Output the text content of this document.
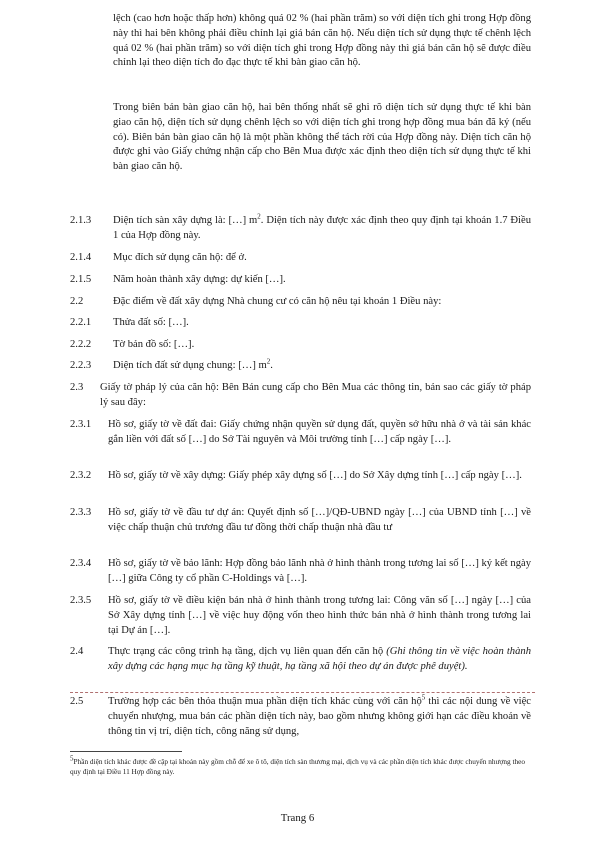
lệch (cao hơn hoặc thấp hơn) không quá 02 % (hai phần trăm) so với diện tích ghi trong Hợp đồng này thì hai bên không phải điều chỉnh lại giá bán căn hộ. Nếu diện tích sử dụng thực tế chênh lệch quá 02 % (hai phần trăm) so với diện tích ghi trong Hợp đồng này thì giá bán căn hộ sẽ được điều chỉnh lại theo diện tích đo đạc thực tế khi bàn giao căn hộ.
Trong biên bản bàn giao căn hộ, hai bên thống nhất sẽ ghi rõ diện tích sử dụng thực tế khi bàn giao căn hộ, diện tích sử dụng chênh lệch so với diện tích ghi trong hợp đồng mua bán đã ký (nếu có). Biên bản bàn giao căn hộ là một phần không thể tách rời của Hợp đồng này. Diện tích căn hộ được ghi vào Giấy chứng nhận cấp cho Bên Mua được xác định theo diện tích sử dụng thực tế khi bàn giao căn hộ.
2.1.3	Diện tích sàn xây dựng là: […] $m^2$. Diện tích này được xác định theo quy định tại khoản 1.7 Điều 1 của Hợp đồng này.
2.1.4	Mục đích sử dụng căn hộ: để ở.
2.1.5	Năm hoàn thành xây dựng: dự kiến […].
2.2	Đặc điểm về đất xây dựng Nhà chung cư có căn hộ nêu tại khoản 1 Điều này:
2.2.1	Thửa đất số: […].
2.2.2	Tờ bản đồ số: […].
2.2.3	Diện tích đất sử dụng chung: […] $m^2$.
2.3	Giấy tờ pháp lý của căn hộ: Bên Bán cung cấp cho Bên Mua các thông tin, bản sao các giấy tờ pháp lý sau đây:
2.3.1	Hồ sơ, giấy tờ về đất đai: Giấy chứng nhận quyền sử dụng đất, quyền sở hữu nhà ở và tài sản khác gắn liền với đất số […] do Sở Tài nguyên và Môi trường tỉnh […] cấp ngày […].
2.3.2	Hồ sơ, giấy tờ về xây dựng: Giấy phép xây dựng số […] do Sở Xây dựng tỉnh […] cấp ngày […].
2.3.3	Hồ sơ, giấy tờ về đầu tư dự án: Quyết định số […]/QĐ-UBND ngày […] của UBND tỉnh […] về việc chấp thuận chủ trương đầu tư đồng thời chấp thuận nhà đầu tư
2.3.4	Hồ sơ, giấy tờ về bảo lãnh: Hợp đồng bảo lãnh nhà ở hình thành trong tương lai số […] ký kết ngày […] giữa Công ty cổ phần C-Holdings và […].
2.3.5	Hồ sơ, giấy tờ về điều kiện bán nhà ở hình thành trong tương lai: Công văn số […] ngày […] của Sở Xây dựng tỉnh […] về việc huy động vốn theo hình thức bán nhà ở hình thành trong tương lai tại Dự án […].
2.4	Thực trạng các công trình hạ tầng, dịch vụ liên quan đến căn hộ (Ghi thông tin về việc hoàn thành xây dựng các hạng mục hạ tầng kỹ thuật, hạ tầng xã hội theo dự án được phê duyệt).
2.5	Trường hợp các bên thỏa thuận mua phần diện tích khác cùng với căn hộ$^5$ thì các nội dung về việc chuyển nhượng, mua bán các phần diện tích này, bao gồm nhưng không giới hạn các điều khoản về thông tin vị trí, diện tích, công năng sử dụng,
$^5$Phần diện tích khác được đề cập tại khoản này gồm chỗ để xe ô tô, diện tích sàn thương mại, dịch vụ và các phần diện tích khác được chuyển nhượng theo quy định tại Điều 11 Hợp đồng này.
Trang 6
